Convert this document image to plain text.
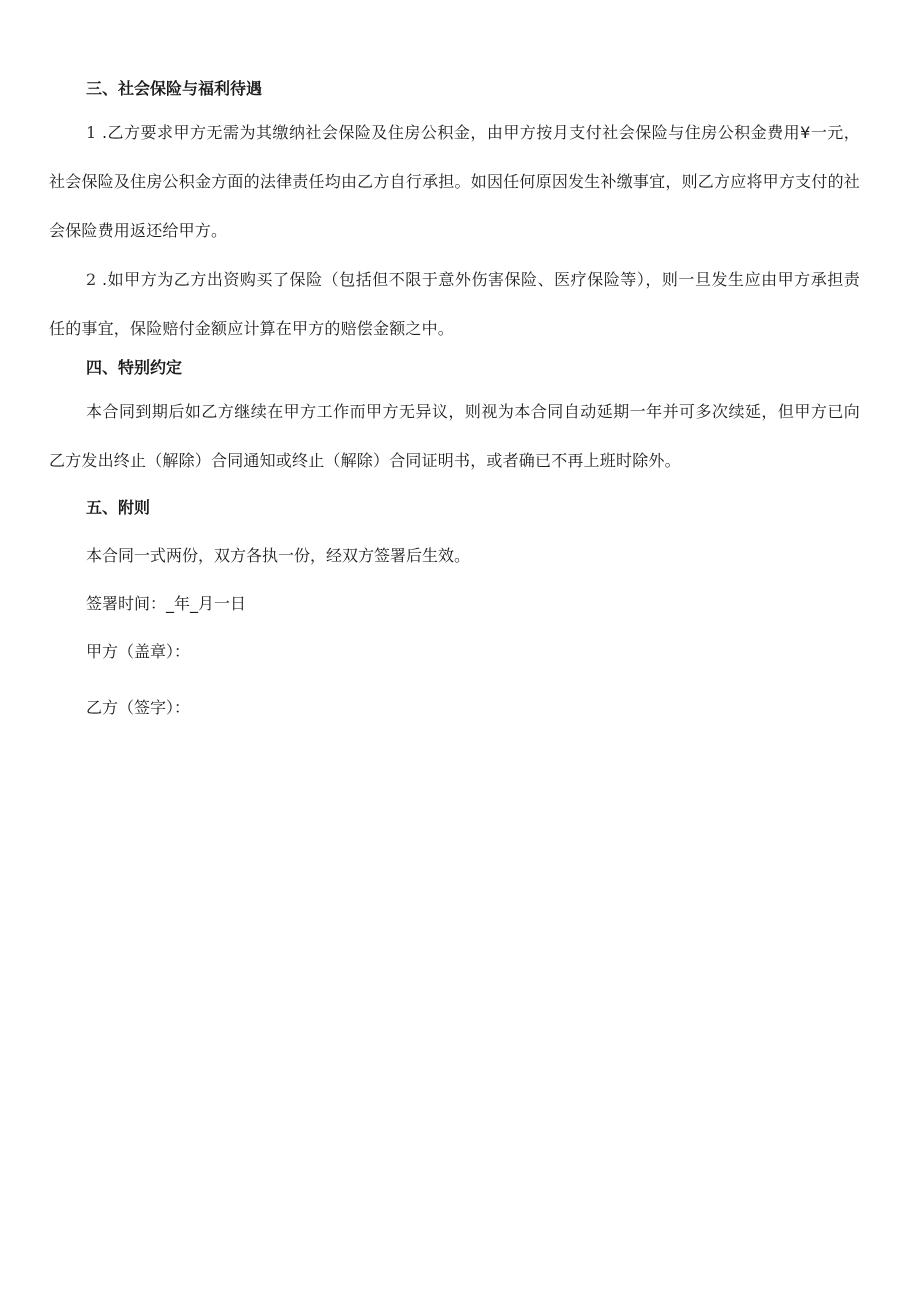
三、社会保险与福利待遇

1 .乙方要求甲方无需为其缴纳社会保险及住房公积金，由甲方按月支付社会保险与住房公积金费用¥一元，社会保险及住房公积金方面的法律责任均由乙方自行承担。如因任何原因发生补缴事宜，则乙方应将甲方支付的社会保险费用返还给甲方。

2 .如甲方为乙方出资购买了保险（包括但不限于意外伤害保险、医疗保险等），则一旦发生应由甲方承担责任的事宜，保险赔付金额应计算在甲方的赔偿金额之中。

四、特别约定

本合同到期后如乙方继续在甲方工作而甲方无异议，则视为本合同自动延期一年并可多次续延，但甲方已向乙方发出终止（解除）合同通知或终止（解除）合同证明书，或者确已不再上班时除外。

五、附则

本合同一式两份，双方各执一份，经双方签署后生效。

签署时间：_年_月一日

甲方（盖章）：

乙方（签字）：
